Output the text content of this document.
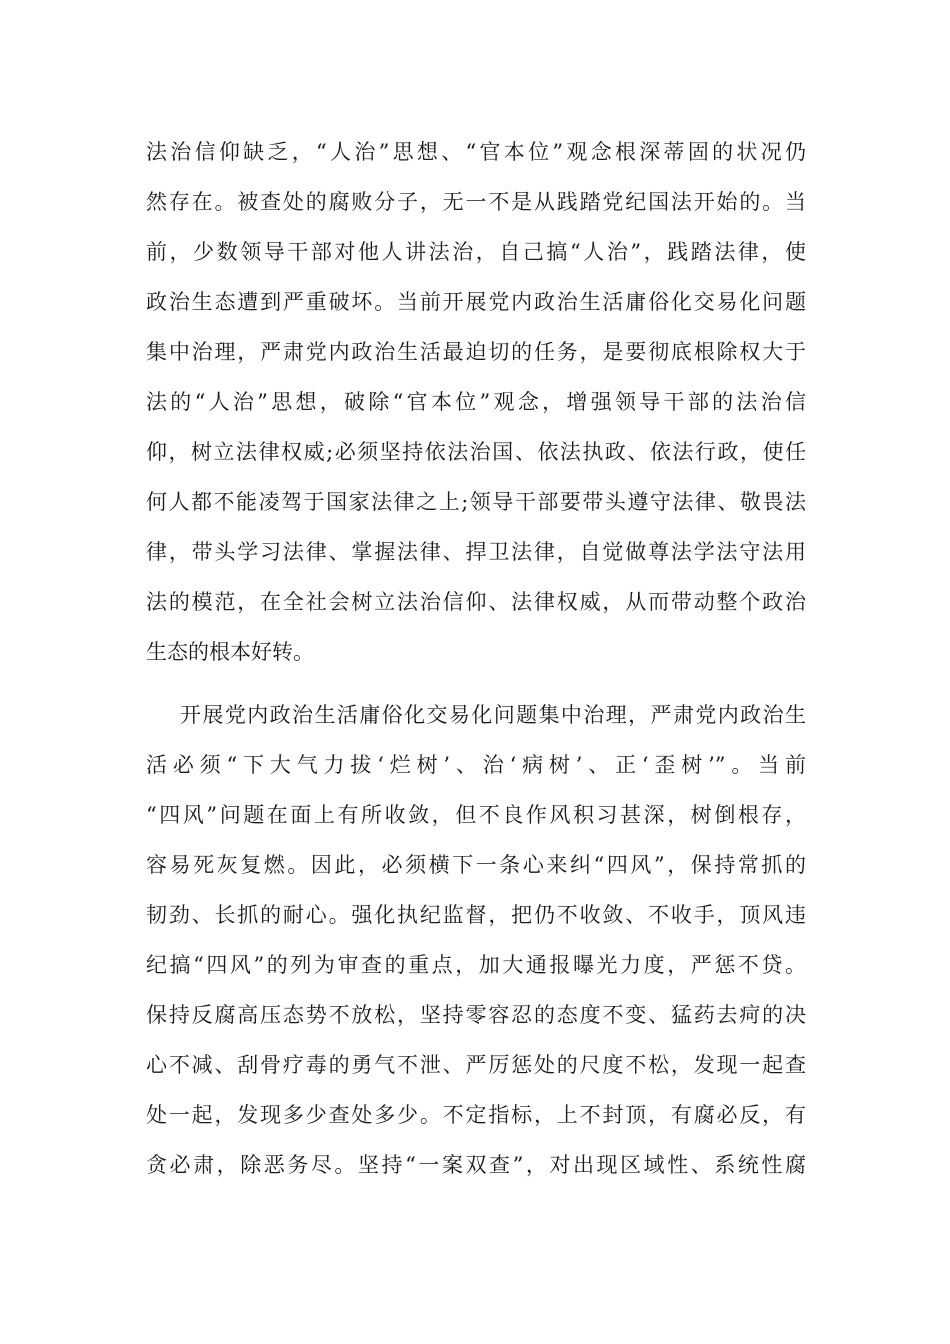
法治信仰缺乏，“人治”思想、“官本位”观念根深蒂固的状况仍
然存在。被查处的腐败分子，无一不是从践踏党纪国法开始的。当
前，少数领导干部对他人讲法治，自己搞“人治”，践踏法律，使
政治生态遭到严重破坏。当前开展党内政治生活庸俗化交易化问题
集中治理，严肃党内政治生活最迫切的任务，是要彻底根除权大于
法的“人治”思想，破除“官本位”观念，增强领导干部的法治信
仰，树立法律权威;必须坚持依法治国、依法执政、依法行政，使任
何人都不能凌驾于国家法律之上;领导干部要带头遵守法律、敬畏法
律，带头学习法律、掌握法律、捍卫法律，自觉做尊法学法守法用
法的模范，在全社会树立法治信仰、法律权威，从而带动整个政治
生态的根本好转。
开展党内政治生活庸俗化交易化问题集中治理，严肃党内政治生
活必须“下大气力拔‘烂树’、治‘病树’、正‘歪树’”。当前
“四风”问题在面上有所收敛，但不良作风积习甚深，树倒根存，
容易死灰复燃。因此，必须横下一条心来纠“四风”，保持常抓的
韧劲、长抓的耐心。强化执纪监督，把仍不收敛、不收手，顶风违
纪搞“四风”的列为审查的重点，加大通报曝光力度，严惩不贷。
保持反腐高压态势不放松，坚持零容忍的态度不变、猛药去疴的决
心不减、刮骨疗毒的勇气不泄、严厉惩处的尺度不松，发现一起查
处一起，发现多少查处多少。不定指标，上不封顶，有腐必反，有
贪必肃，除恶务尽。坚持“一案双查”，对出现区域性、系统性腐
